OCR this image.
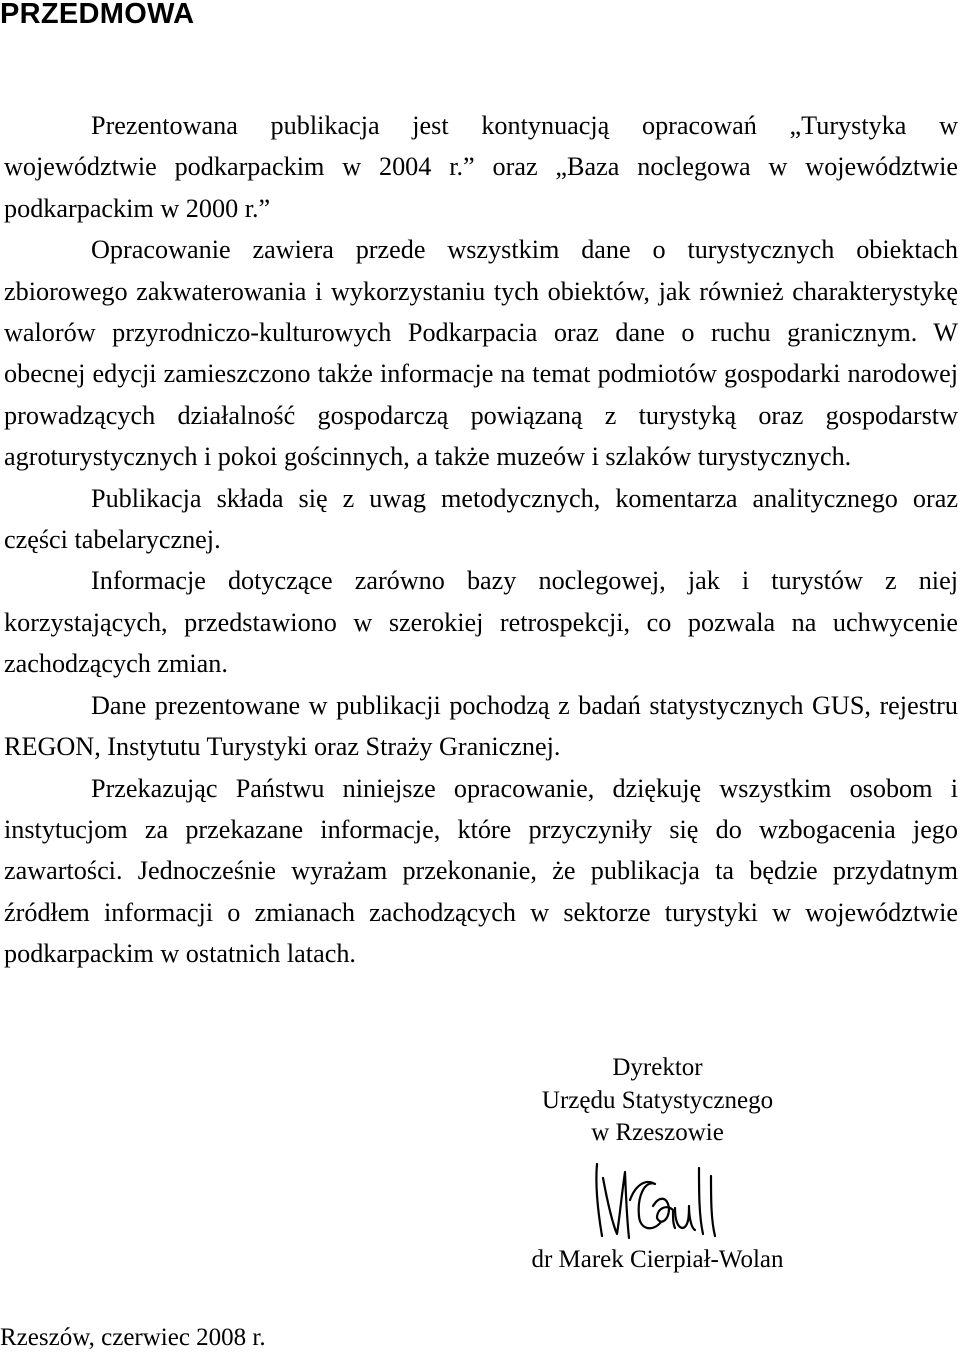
PRZEDMOWA

Prezentowana publikacja jest kontynuacją opracowań „Turystyka w województwie podkarpackim w 2004 r.” oraz „Baza noclegowa w województwie podkarpackim w 2000 r.”

Opracowanie zawiera przede wszystkim dane o turystycznych obiektach zbiorowego zakwaterowania i wykorzystaniu tych obiektów, jak również charakterystykę walorów przyrodniczo-kulturowych Podkarpacia oraz dane o ruchu granicznym. W obecnej edycji zamieszczono także informacje na temat podmiotów gospodarki narodowej prowadzących działalność gospodarczą powiązaną z turystyką oraz gospodarstw agroturystycznych i pokoi gościnnych, a także muzeów i szlaków turystycznych.

Publikacja składa się z uwag metodycznych, komentarza analitycznego oraz części tabelarycznej.

Informacje dotyczące zarówno bazy noclegowej, jak i turystów z niej korzystających, przedstawiono w szerokiej retrospekcji, co pozwala na uchwycenie zachodzących zmian.

Dane prezentowane w publikacji pochodzą z badań statystycznych GUS, rejestru REGON, Instytutu Turystyki oraz Straży Granicznej.

Przekazując Państwu niniejsze opracowanie, dziękuję wszystkim osobom i instytucjom za przekazane informacje, które przyczyniły się do wzbogacenia jego zawartości. Jednocześnie wyrażam przekonanie, że publikacja ta będzie przydatnym źródłem informacji o zmianach zachodzących w sektorze turystyki w województwie podkarpackim w ostatnich latach.

Dyrektor
Urzędu Statystycznego
w Rzeszowie
dr Marek Cierpiał-Wolan

Rzeszów, czerwiec 2008 r.
